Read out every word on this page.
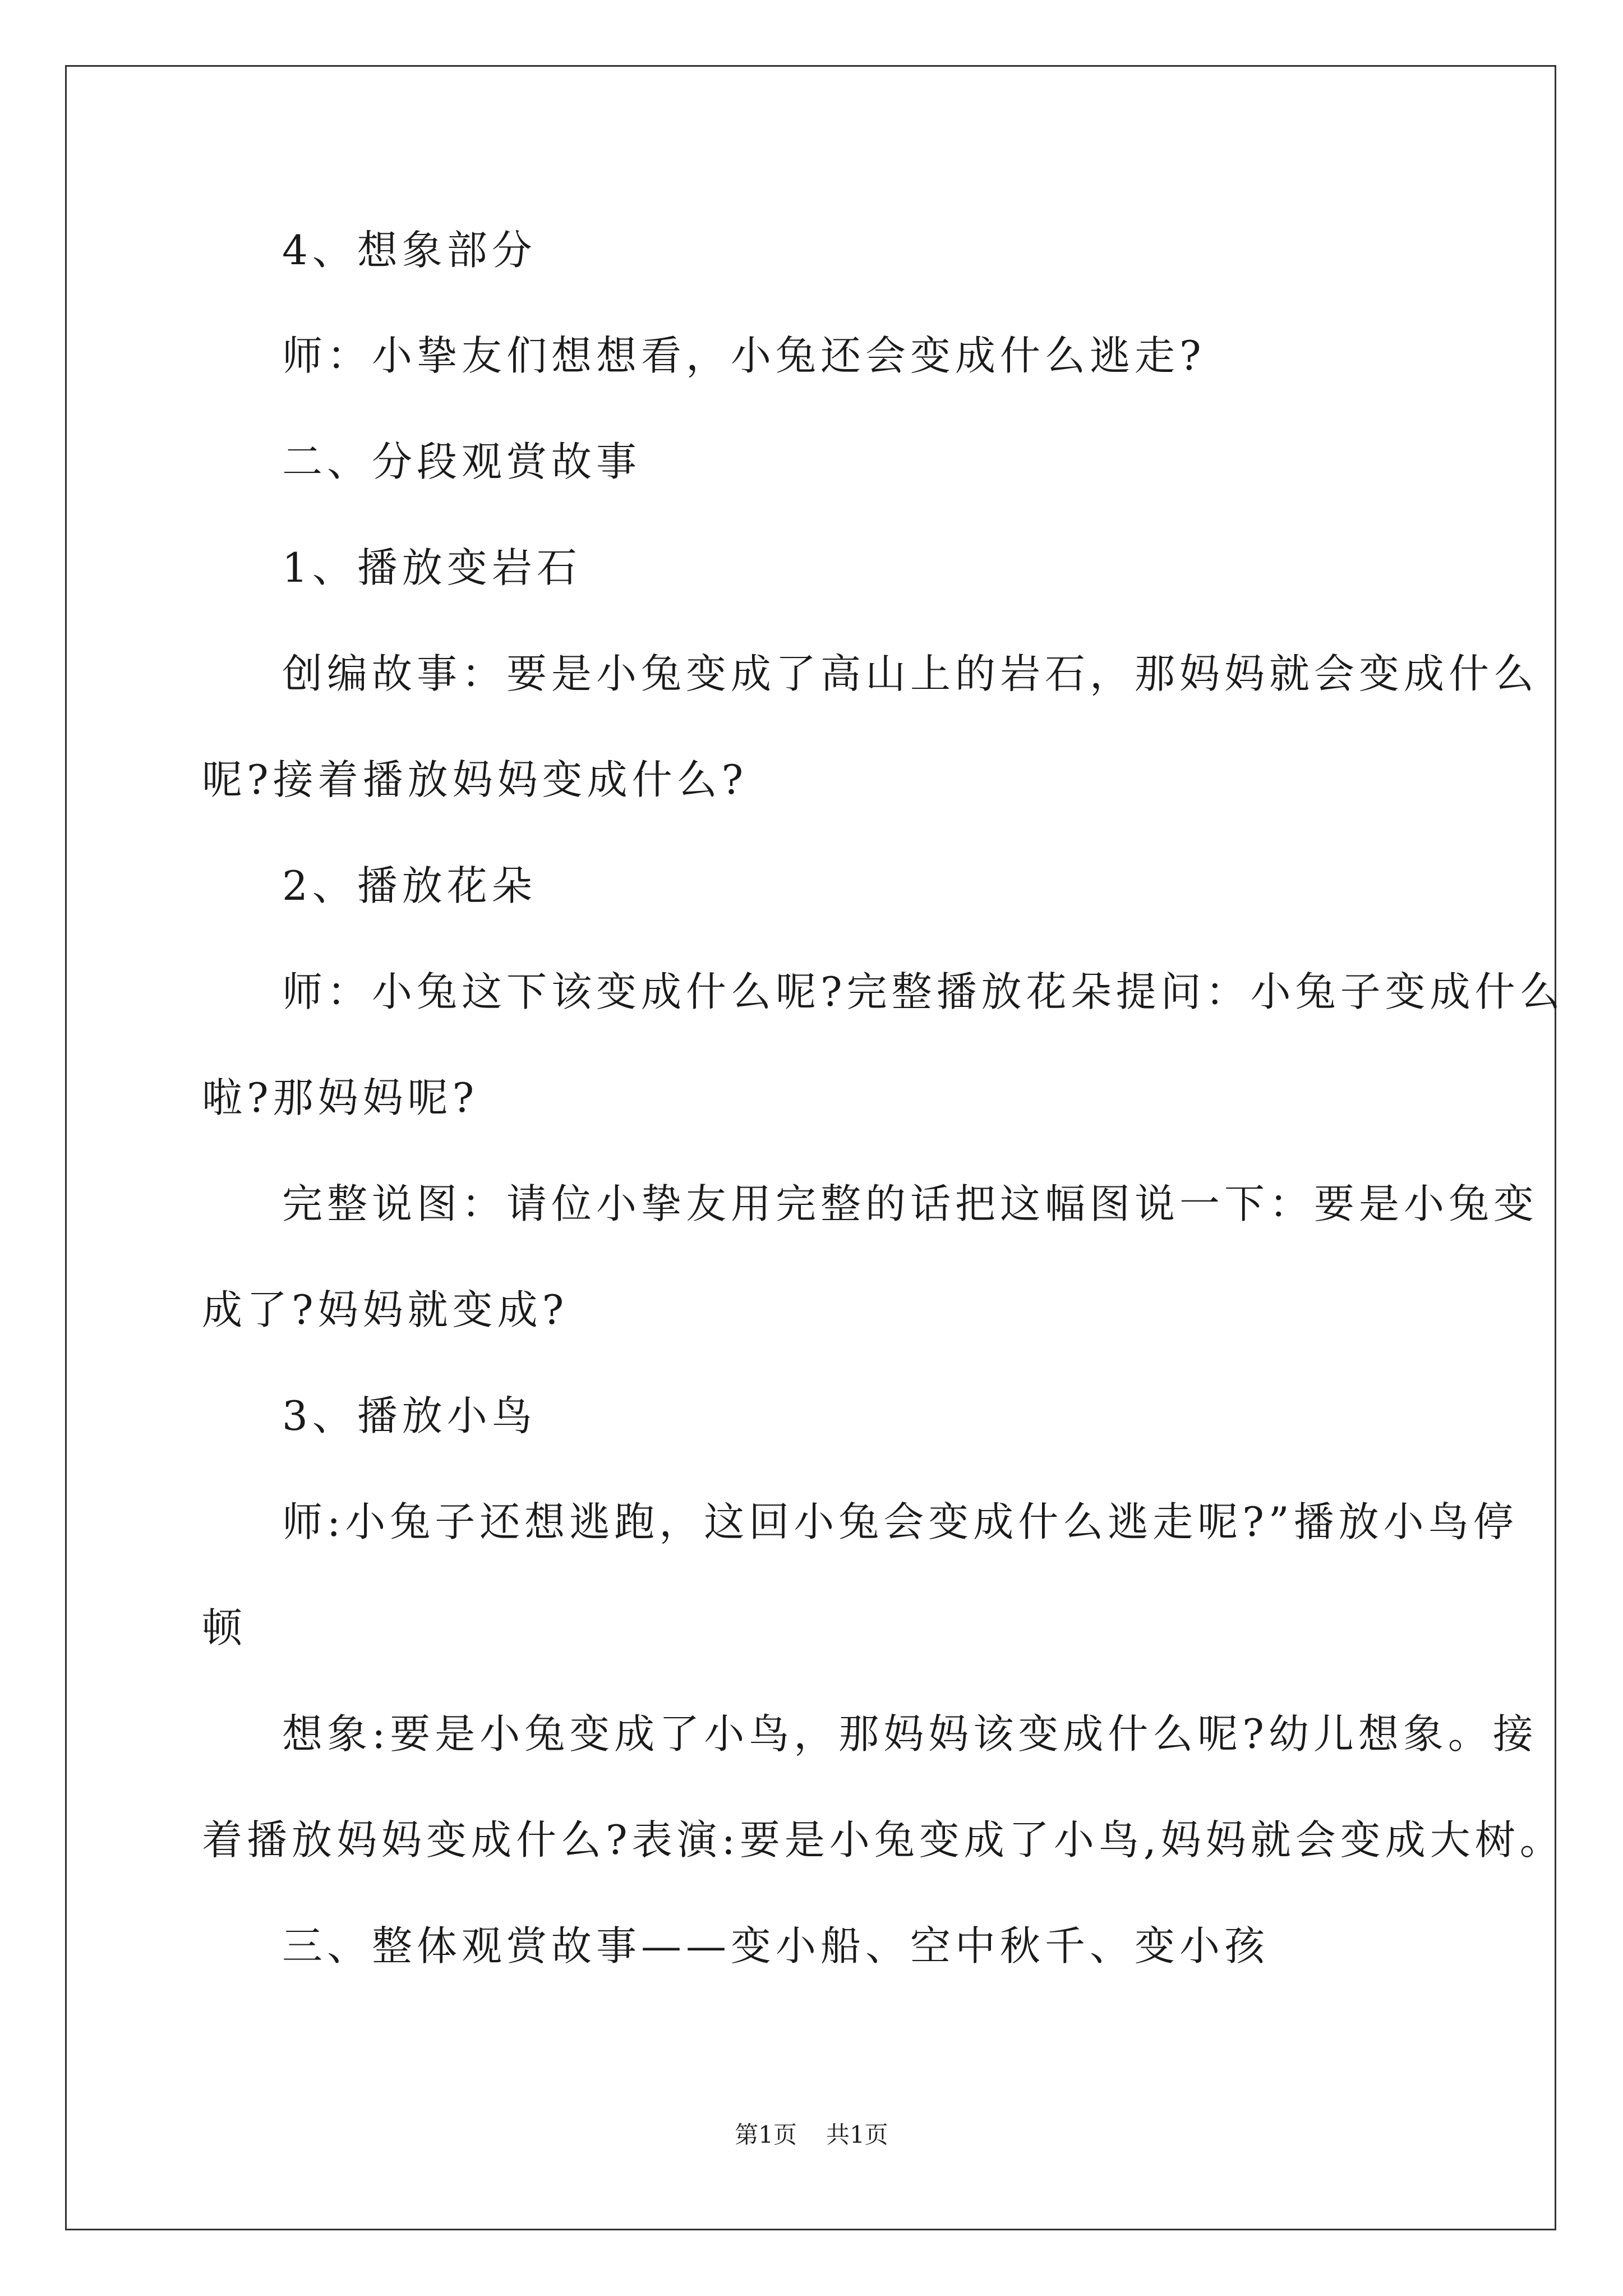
4、想象部分
师：小挚友们想想看，小兔还会变成什么逃走?
二、分段观赏故事
1、播放变岩石
创编故事：要是小兔变成了高山上的岩石，那妈妈就会变成什么
呢?接着播放妈妈变成什么?
2、播放花朵
师：小兔这下该变成什么呢?完整播放花朵提问：小兔子变成什么
啦?那妈妈呢?
完整说图：请位小挚友用完整的话把这幅图说一下：要是小兔变
成了?妈妈就变成?
3、播放小鸟
师:小兔子还想逃跑，这回小兔会变成什么逃走呢?”播放小鸟停
顿
想象:要是小兔变成了小鸟，那妈妈该变成什么呢?幼儿想象。接
着播放妈妈变成什么?表演:要是小兔变成了小鸟,妈妈就会变成大树。
三、整体观赏故事——变小船、空中秋千、变小孩
第1页 共1页
